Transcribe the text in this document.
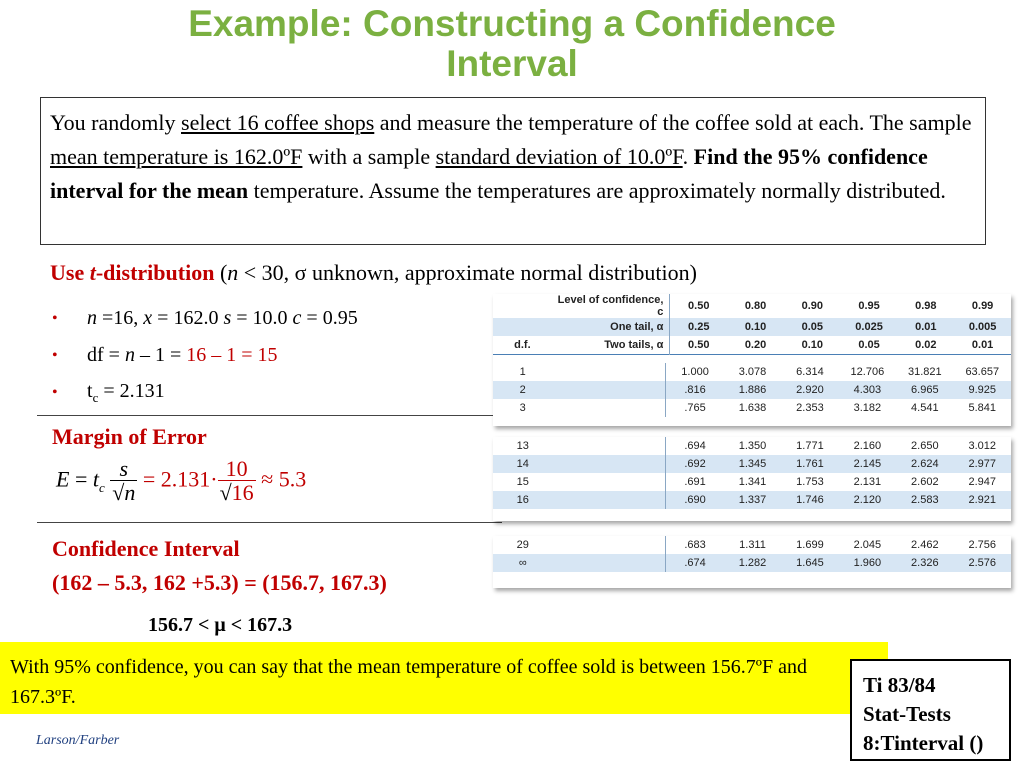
Example: Constructing a Confidence
Interval
You randomly select 16 coffee shops and measure the temperature of the coffee sold at each. The sample mean temperature is 162.0ºF with a sample standard deviation of 10.0ºF. Find the 95% confidence interval for the mean temperature. Assume the temperatures are approximately normally distributed.
Use t-distribution (n < 30, σ unknown, approximate normal distribution)
•	n =16, x = 162.0 s = 10.0 c = 0.95
•	df = n – 1 = 16 – 1 = 15
•	$t_c = 2.131$
Margin of Error
$E = t_c \frac{s}{√n} = 2.131\cdot \frac{10}{√16} \approx 5.3$
Confidence Interval
(162 – 5.3, 162 +5.3) = (156.7, 167.3)
156.7 < μ < 167.3
With 95% confidence, you can say that the mean temperature of coffee sold is between 156.7ºF and 167.3ºF.	Ti 83/84
Stat-Tests
8:Tinterval ()
Larson/Farber
	Level of confidence, c	0.50	0.80	0.90	0.95	0.98	0.99
	One tail, α	0.25	0.10	0.05	0.025	0.01	0.005
d.f.	Two tails, α	0.50	0.20	0.10	0.05	0.02	0.01

1		1.000	3.078	6.314	12.706	31.821	63.657
2		.816	1.886	2.920	4.303	6.965	9.925
3		.765	1.638	2.353	3.182	4.541	5.841
13		.694	1.350	1.771	2.160	2.650	3.012
14		.692	1.345	1.761	2.145	2.624	2.977
15		.691	1.341	1.753	2.131	2.602	2.947
16		.690	1.337	1.746	2.120	2.583	2.921
29		.683	1.311	1.699	2.045	2.462	2.756
∞		.674	1.282	1.645	1.960	2.326	2.576
